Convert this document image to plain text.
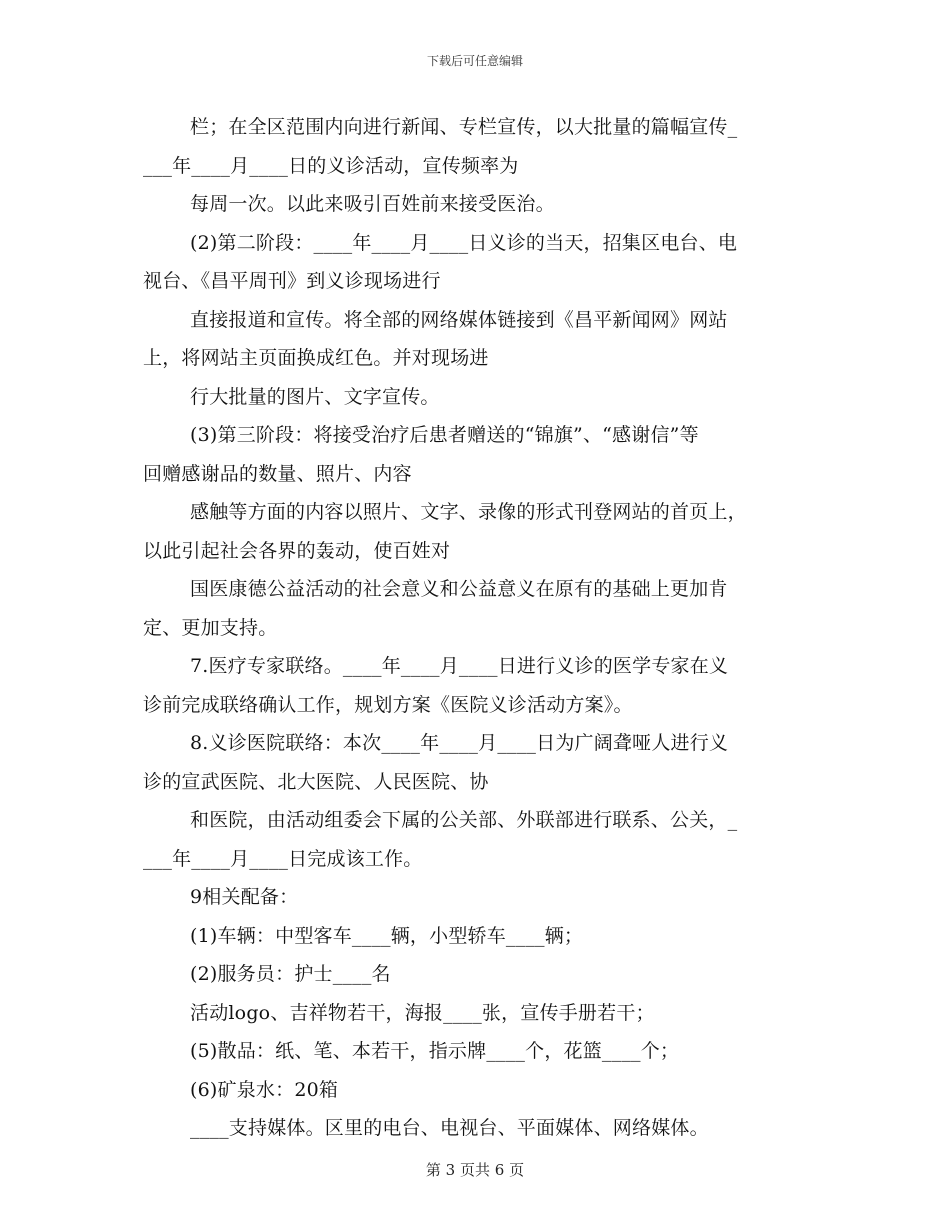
下载后可任意编辑
栏；在全区范围内向进行新闻、专栏宣传，以大批量的篇幅宣传_
___年____月____日的义诊活动，宣传频率为
每周一次。以此来吸引百姓前来接受医治。
(2)第二阶段：____年____月____日义诊的当天，招集区电台、电
视台、《昌平周刊》到义诊现场进行
直接报道和宣传。将全部的网络媒体链接到《昌平新闻网》网站
上，将网站主页面换成红色。并对现场进
行大批量的图片、文字宣传。
(3)第三阶段：将接受治疗后患者赠送的“锦旗”、“感谢信”等
回赠感谢品的数量、照片、内容
感触等方面的内容以照片、文字、录像的形式刊登网站的首页上，
以此引起社会各界的轰动，使百姓对
国医康德公益活动的社会意义和公益意义在原有的基础上更加肯
定、更加支持。
7.医疗专家联络。____年____月____日进行义诊的医学专家在义
诊前完成联络确认工作，规划方案《医院义诊活动方案》。
8.义诊医院联络：本次____年____月____日为广阔聋哑人进行义
诊的宣武医院、北大医院、人民医院、协
和医院，由活动组委会下属的公关部、外联部进行联系、公关，_
___年____月____日完成该工作。
9相关配备：
(1)车辆：中型客车____辆，小型轿车____辆；
(2)服务员：护士____名
活动logo、吉祥物若干，海报____张，宣传手册若干；
(5)散品：纸、笔、本若干，指示牌____个，花篮____个；
(6)矿泉水：20箱
____支持媒体。区里的电台、电视台、平面媒体、网络媒体。
第 3 页共 6 页
